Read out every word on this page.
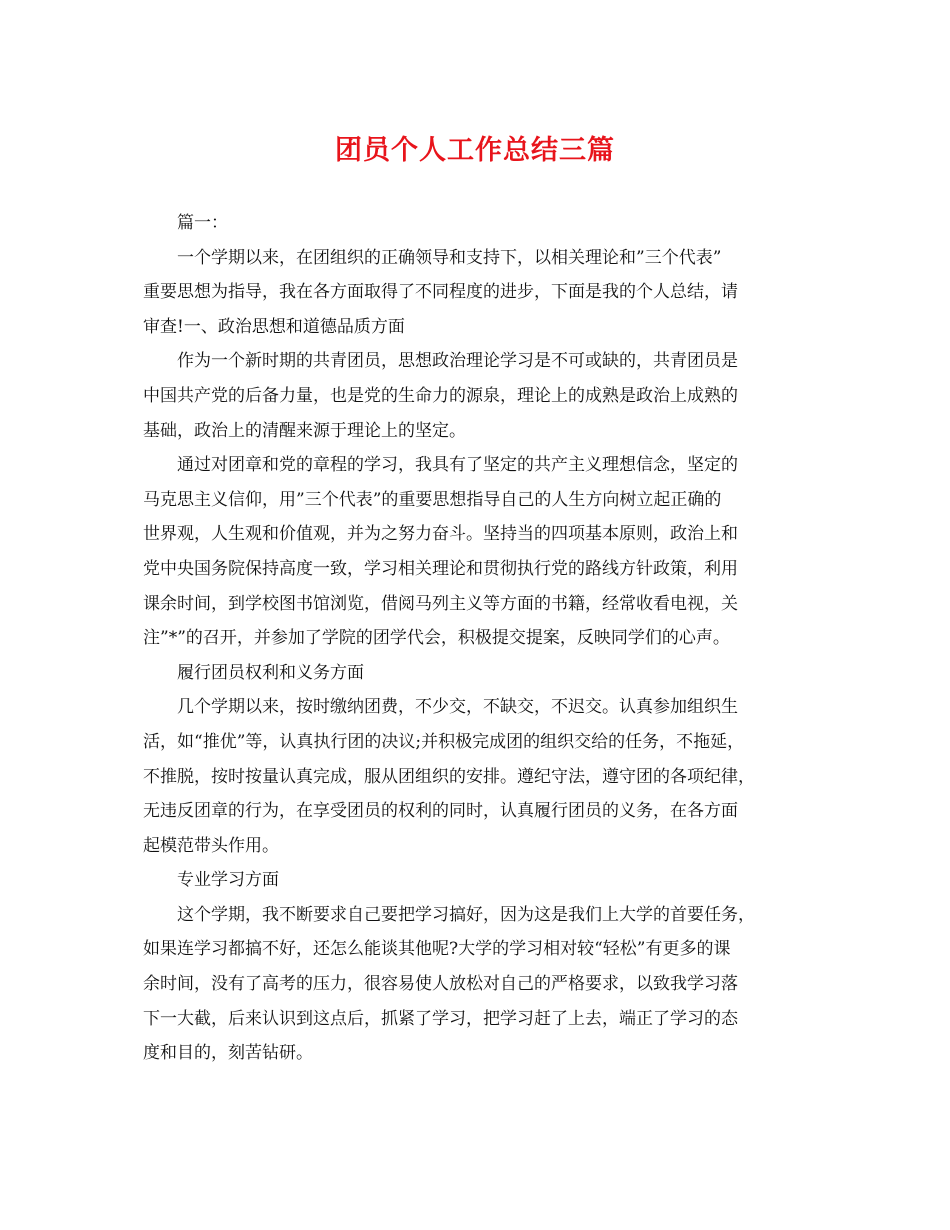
团员个人工作总结三篇
篇一：
一个学期以来，在团组织的正确领导和支持下，以相关理论和”三个代表”
重要思想为指导，我在各方面取得了不同程度的进步，下面是我的个人总结，请
审查!一、政治思想和道德品质方面
作为一个新时期的共青团员，思想政治理论学习是不可或缺的，共青团员是
中国共产党的后备力量，也是党的生命力的源泉，理论上的成熟是政治上成熟的
基础，政治上的清醒来源于理论上的坚定。
通过对团章和党的章程的学习，我具有了坚定的共产主义理想信念，坚定的
马克思主义信仰，用”三个代表”的重要思想指导自己的人生方向树立起正确的
世界观，人生观和价值观，并为之努力奋斗。坚持当的四项基本原则，政治上和
党中央国务院保持高度一致，学习相关理论和贯彻执行党的路线方针政策，利用
课余时间，到学校图书馆浏览，借阅马列主义等方面的书籍，经常收看电视，关
注”*”的召开，并参加了学院的团学代会，积极提交提案，反映同学们的心声。
履行团员权利和义务方面
几个学期以来，按时缴纳团费，不少交，不缺交，不迟交。认真参加组织生
活，如“推优”等，认真执行团的决议;并积极完成团的组织交给的任务，不拖延，
不推脱，按时按量认真完成，服从团组织的安排。遵纪守法，遵守团的各项纪律，
无违反团章的行为，在享受团员的权利的同时，认真履行团员的义务，在各方面
起模范带头作用。
专业学习方面
这个学期，我不断要求自己要把学习搞好，因为这是我们上大学的首要任务，
如果连学习都搞不好，还怎么能谈其他呢?大学的学习相对较“轻松”有更多的课
余时间，没有了高考的压力，很容易使人放松对自己的严格要求，以致我学习落
下一大截，后来认识到这点后，抓紧了学习，把学习赶了上去，端正了学习的态
度和目的，刻苦钻研。
